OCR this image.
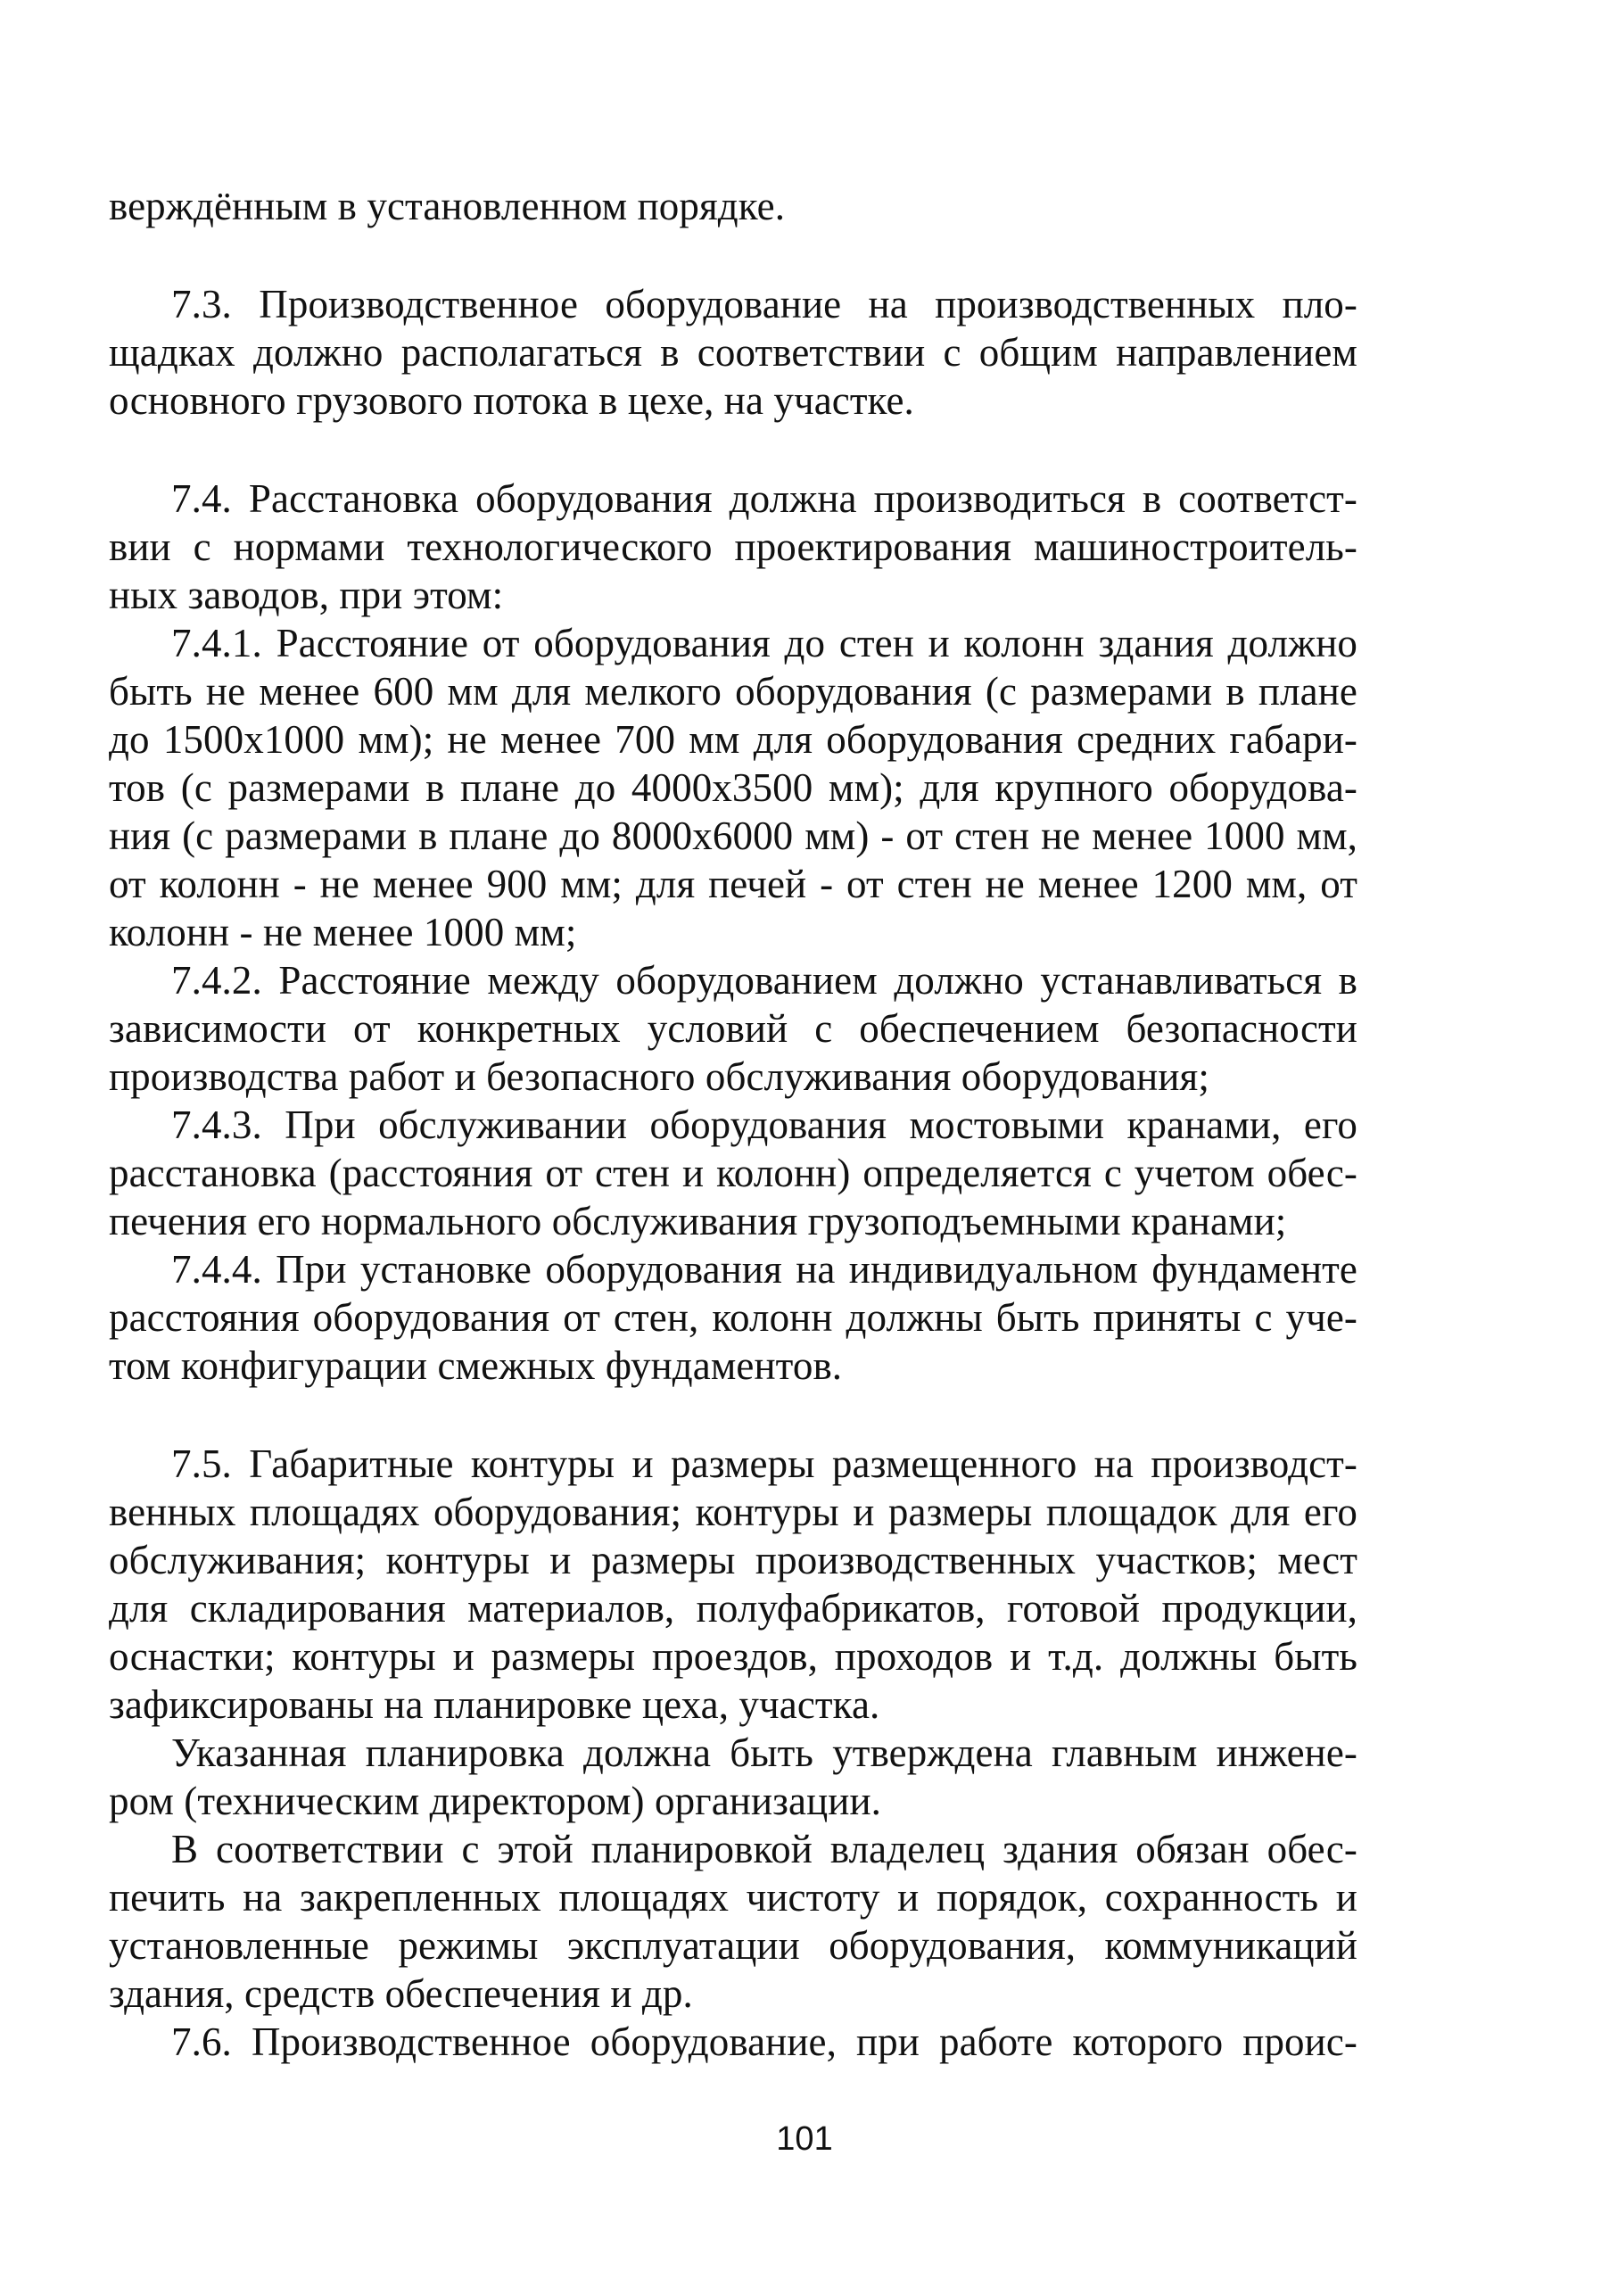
верждённым в установленном порядке.
7.3. Производственное оборудование на производственных пло-
щадках должно располагаться в соответствии с общим направлением
основного грузового потока в цехе, на участке.
7.4. Расстановка оборудования должна производиться в соответст-
вии с нормами технологического проектирования машиностроитель-
ных заводов, при этом:
7.4.1. Расстояние от оборудования до стен и колонн здания должно
быть не менее 600 мм для мелкого оборудования (с размерами в плане
до 1500х1000 мм); не менее 700 мм для оборудования средних габари-
тов (с размерами в плане до 4000х3500 мм); для крупного оборудова-
ния (с размерами в плане до 8000х6000 мм) - от стен не менее 1000 мм,
от колонн - не менее 900 мм; для печей - от стен не менее 1200 мм, от
колонн - не менее 1000 мм;
7.4.2. Расстояние между оборудованием должно устанавливаться в
зависимости от конкретных условий с обеспечением безопасности
производства работ и безопасного обслуживания оборудования;
7.4.3. При обслуживании оборудования мостовыми кранами, его
расстановка (расстояния от стен и колонн) определяется с учетом обес-
печения его нормального обслуживания грузоподъемными кранами;
7.4.4. При установке оборудования на индивидуальном фундаменте
расстояния оборудования от стен, колонн должны быть приняты с уче-
том конфигурации смежных фундаментов.
7.5. Габаритные контуры и размеры размещенного на производст-
венных площадях оборудования; контуры и размеры площадок для его
обслуживания; контуры и размеры производственных участков; мест
для складирования материалов, полуфабрикатов, готовой продукции,
оснастки; контуры и размеры проездов, проходов и т.д. должны быть
зафиксированы на планировке цеха, участка.
Указанная планировка должна быть утверждена главным инжене-
ром (техническим директором) организации.
В соответствии с этой планировкой владелец здания обязан обес-
печить на закрепленных площадях чистоту и порядок, сохранность и
установленные режимы эксплуатации оборудования, коммуникаций
здания, средств обеспечения и др.
7.6. Производственное оборудование, при работе которого проис-
101
